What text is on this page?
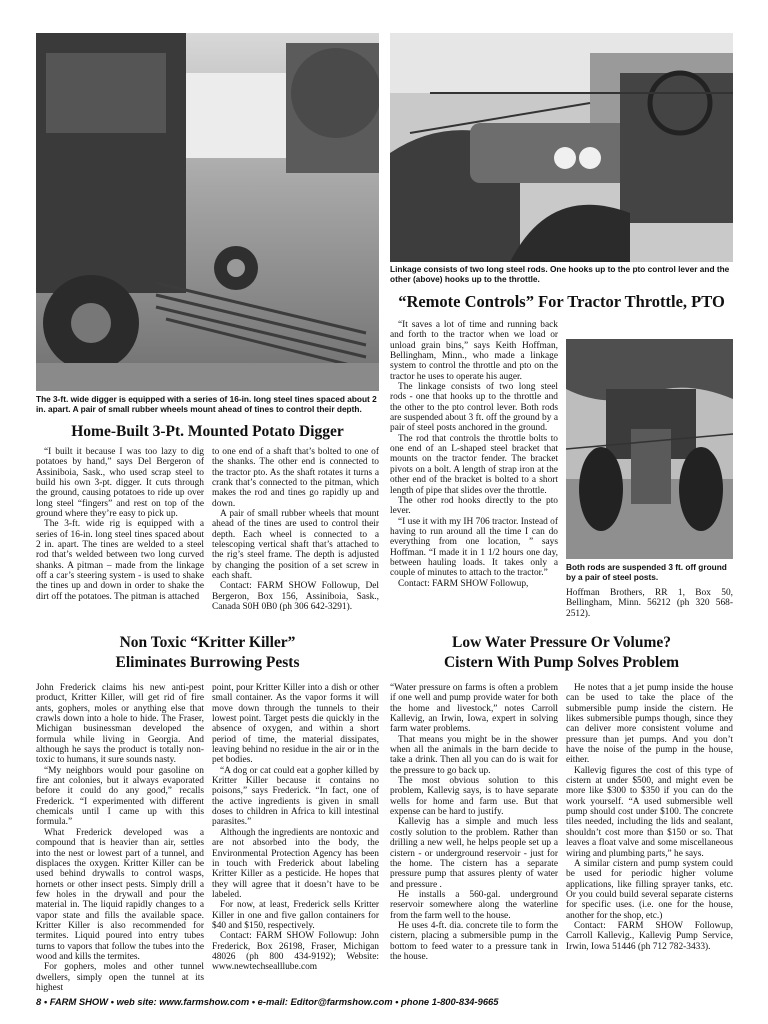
The 3-ft. wide digger is equipped with a series of 16-in. long steel tines spaced about 2 in. apart. A pair of small rubber wheels mount ahead of tines to control their depth.

Linkage consists of two long steel rods. One hooks up to the pto control lever and the other (above) hooks up to the throttle.

Both rods are suspended 3 ft. off ground by a pair of steel posts.

Home-Built 3-Pt. Mounted Potato Digger
“Remote Controls” For Tractor Throttle, PTO
Non Toxic “Kritter Killer”
Eliminates Burrowing Pests
Low Water Pressure Or Volume?
Cistern With Pump Solves Problem

“I built it because I was too lazy to dig potatoes by hand,” says Del Bergeron of Assiniboia, Sask., who used scrap steel to build his own 3-pt. digger. It cuts through the ground, causing potatoes to ride up over long steel “fingers” and rest on top of the ground where they’re easy to pick up.

The 3-ft. wide rig is equipped with a series of 16-in. long steel tines spaced about 2 in. apart. The tines are welded to a steel rod that’s welded between two long curved shanks. A pitman – made from the linkage off a car’s steering system - is used to shake the tines up and down in order to shake the dirt off the potatoes. The pitman is attached

to one end of a shaft that’s bolted to one of the shanks. The other end is connected to the tractor pto. As the shaft rotates it turns a crank that’s connected to the pitman, which makes the rod and tines go rapidly up and down.

A pair of small rubber wheels that mount ahead of the tines are used to control their depth. Each wheel is connected to a telescoping vertical shaft that’s attached to the rig’s steel frame. The depth is adjusted by changing the position of a set screw in each shaft.

Contact: FARM SHOW Followup, Del Bergeron, Box 156, Assiniboia, Sask., Canada S0H 0B0 (ph 306 642-3291).

“It saves a lot of time and running back and forth to the tractor when we load or unload grain bins,” says Keith Hoffman, Bellingham, Minn., who made a linkage system to control the throttle and pto on the tractor he uses to operate his auger.

The linkage consists of two long steel rods - one that hooks up to the throttle and the other to the pto control lever. Both rods are suspended about 3 ft. off the ground by a pair of steel posts anchored in the ground.

The rod that controls the throttle bolts to one end of an L-shaped steel bracket that mounts on the tractor fender. The bracket pivots on a bolt. A length of strap iron at the other end of the bracket is bolted to a short length of pipe that slides over the throttle.

The other rod hooks directly to the pto lever.

“I use it with my IH 706 tractor. Instead of having to run around all the time I can do everything from one location, ” says Hoffman. “I made it in 1 1/2 hours one day, between hauling loads. It takes only a couple of minutes to attach to the tractor.”

Contact: FARM SHOW Followup,

Hoffman Brothers, RR 1, Box 50, Bellingham, Minn. 56212 (ph 320 568-2512).

John Frederick claims his new anti-pest product, Kritter Killer, will get rid of fire ants, gophers, moles or anything else that crawls down into a hole to hide. The Fraser, Michigan businessman developed the formula while living in Georgia. And although he says the product is totally non-toxic to humans, it sure sounds nasty.

“My neighbors would pour gasoline on fire ant colonies, but it always evaporated before it could do any good,” recalls Frederick. “I experimented with different chemicals until I came up with this formula.”

What Frederick developed was a compound that is heavier than air, settles into the nest or lowest part of a tunnel, and displaces the oxygen. Kritter Killer can be used behind drywalls to control wasps, hornets or other insect pests. Simply drill a few holes in the drywall and pour the material in. The liquid rapidly changes to a vapor state and fills the available space. Kritter Killer is also recommended for termites. Liquid poured into entry tubes turns to vapors that follow the tubes into the wood and kills the termites.

For gophers, moles and other tunnel dwellers, simply open the tunnel at its highest

point, pour Kritter Killer into a dish or other small container. As the vapor forms it will move down through the tunnels to their lowest point. Target pests die quickly in the absence of oxygen, and within a short period of time, the material dissipates, leaving behind no residue in the air or in the pet bodies.

“A dog or cat could eat a gopher killed by Kritter Killer because it contains no poisons,” says Frederick. “In fact, one of the active ingredients is given in small doses to children in Africa to kill intestinal parasites.”

Although the ingredients are nontoxic and are not absorbed into the body, the Environmental Protection Agency has been in touch with Frederick about labeling Kritter Killer as a pesticide. He hopes that they will agree that it doesn’t have to be labeled.

For now, at least, Frederick sells Kritter Killer in one and five gallon containers for $40 and $150, respectively.

Contact: FARM SHOW Followup: John Frederick, Box 26198, Fraser, Michigan 48026 (ph 800 434-9192); Website: www.newtechsealllube.com

“Water pressure on farms is often a problem if one well and pump provide water for both the home and livestock,” notes Carroll Kallevig, an Irwin, Iowa, expert in solving farm water problems.

That means you might be in the shower when all the animals in the barn decide to take a drink. Then all you can do is wait for the pressure to go back up.

The most obvious solution to this problem, Kallevig says, is to have separate wells for home and farm use. But that expense can be hard to justify.

Kallevig has a simple and much less costly solution to the problem. Rather than drilling a new well, he helps people set up a cistern - or underground reservoir - just for the home. The cistern has a separate pressure pump that assures plenty of water and pressure .

He installs a 560-gal. underground reservoir somewhere along the waterline from the farm well to the house.

He uses 4-ft. dia. concrete tile to form the cistern, placing a submersible pump in the bottom to feed water to a pressure tank in the house.

He notes that a jet pump inside the house can be used to take the place of the submersible pump inside the cistern. He likes submersible pumps though, since they can deliver more consistent volume and pressure than jet pumps. And you don’t have the noise of the pump in the house, either.

Kallevig figures the cost of this type of cistern at under $500, and might even be more like $300 to $350 if you can do the work yourself. “A used submersible well pump should cost under $100. The concrete tiles needed, including the lids and sealant, shouldn’t cost more than $150 or so. That leaves a float valve and some miscellaneous wiring and plumbing parts,” he says.

A similar cistern and pump system could be used for periodic higher volume applications, like filling sprayer tanks, etc. Or you could build several separate cisterns for specific uses. (i.e. one for the house, another for the shop, etc.)

Contact: FARM SHOW Followup, Carroll Kallevig., Kallevig Pump Service, Irwin, Iowa 51446 (ph 712 782-3433).

8 • FARM SHOW • web site: www.farmshow.com • e-mail: Editor@farmshow.com • phone 1-800-834-9665
